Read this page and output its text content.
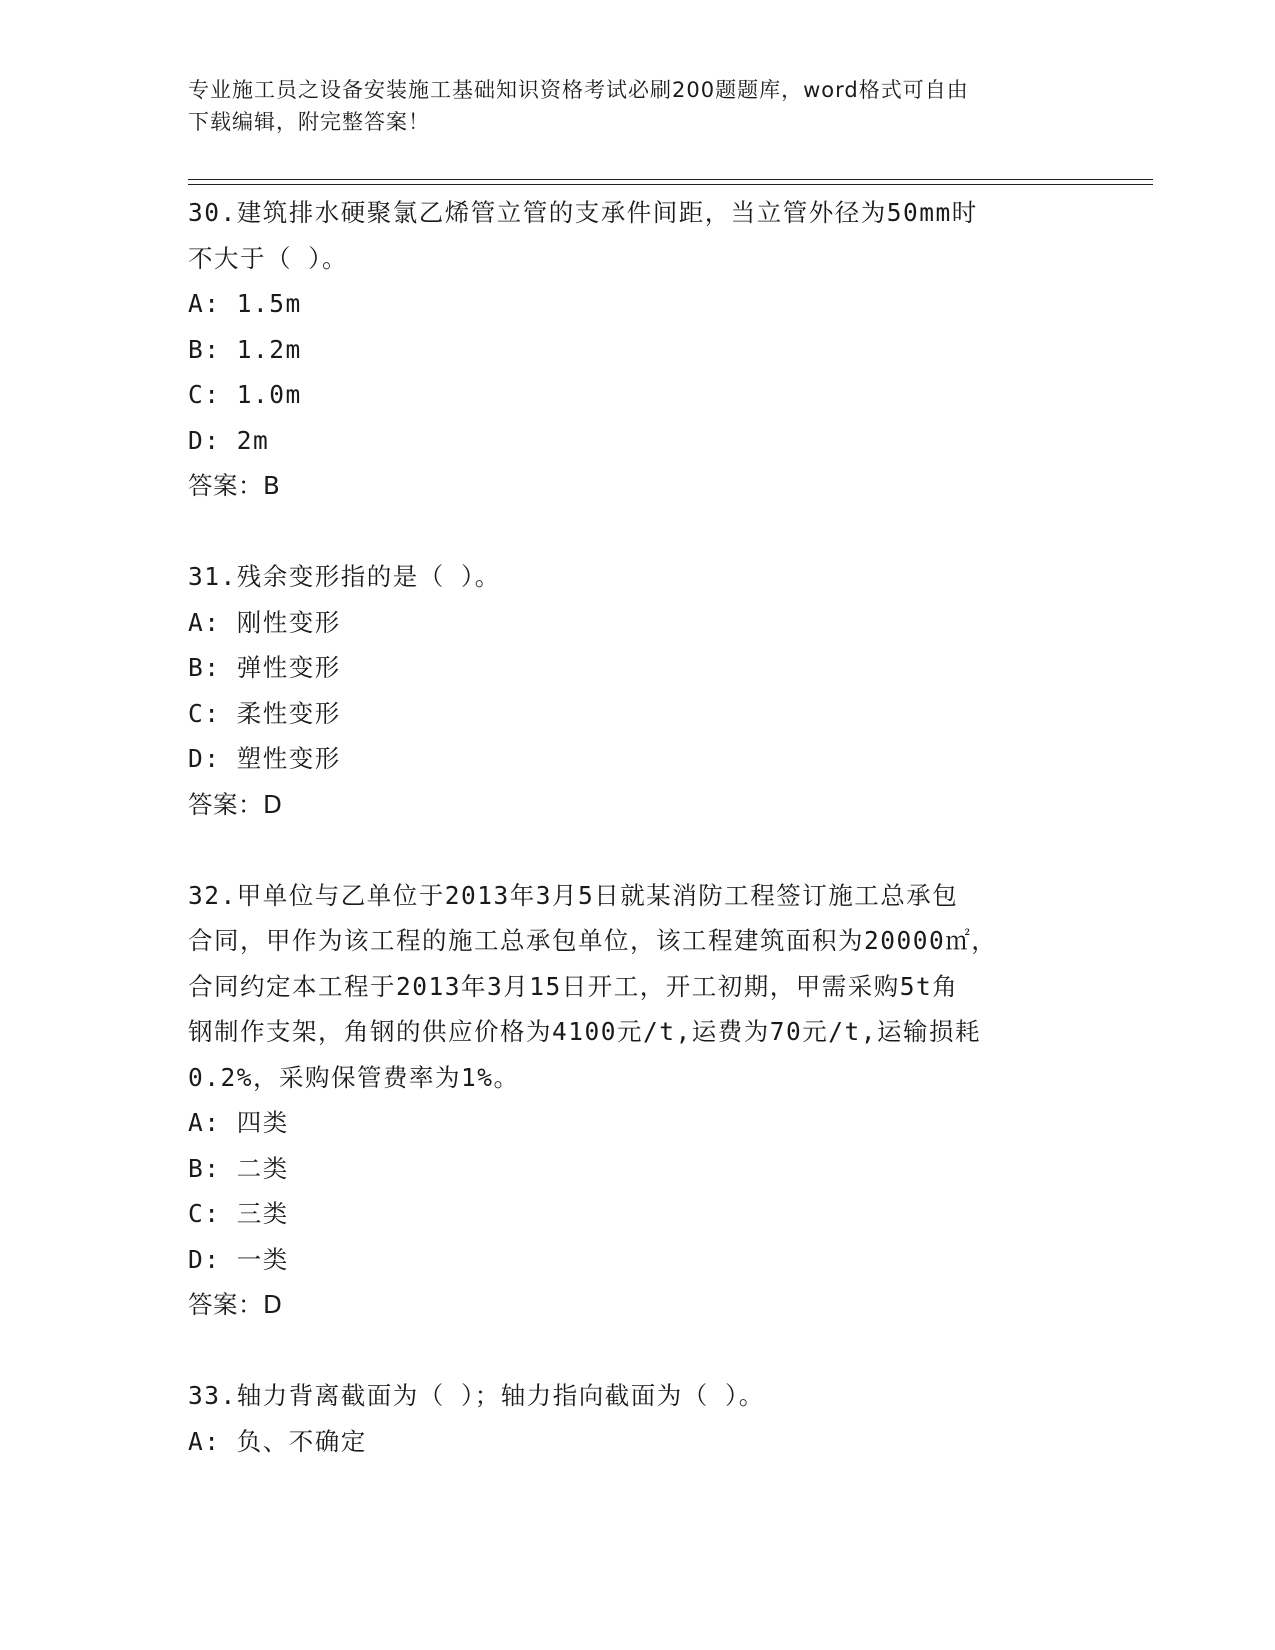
专业施工员之设备安装施工基础知识资格考试必刷200题题库，word格式可自由
下载编辑，附完整答案！
30.建筑排水硬聚氯乙烯管立管的支承件间距，当立管外径为50mm时
不大于（ ）。
A: 1.5m
B: 1.2m
C: 1.0m
D: 2m
答案：B
31.残余变形指的是（ ）。
A: 刚性变形
B: 弹性变形
C: 柔性变形
D: 塑性变形
答案：D
32.甲单位与乙单位于2013年3月5日就某消防工程签订施工总承包
合同，甲作为该工程的施工总承包单位，该工程建筑面积为20000㎡，
合同约定本工程于2013年3月15日开工，开工初期，甲需采购5t角
钢制作支架，角钢的供应价格为4100元/t,运费为70元/t,运输损耗
0.2%，采购保管费率为1%。
A: 四类
B: 二类
C: 三类
D: 一类
答案：D
33.轴力背离截面为（ ）；轴力指向截面为（ ）。
A: 负、不确定
